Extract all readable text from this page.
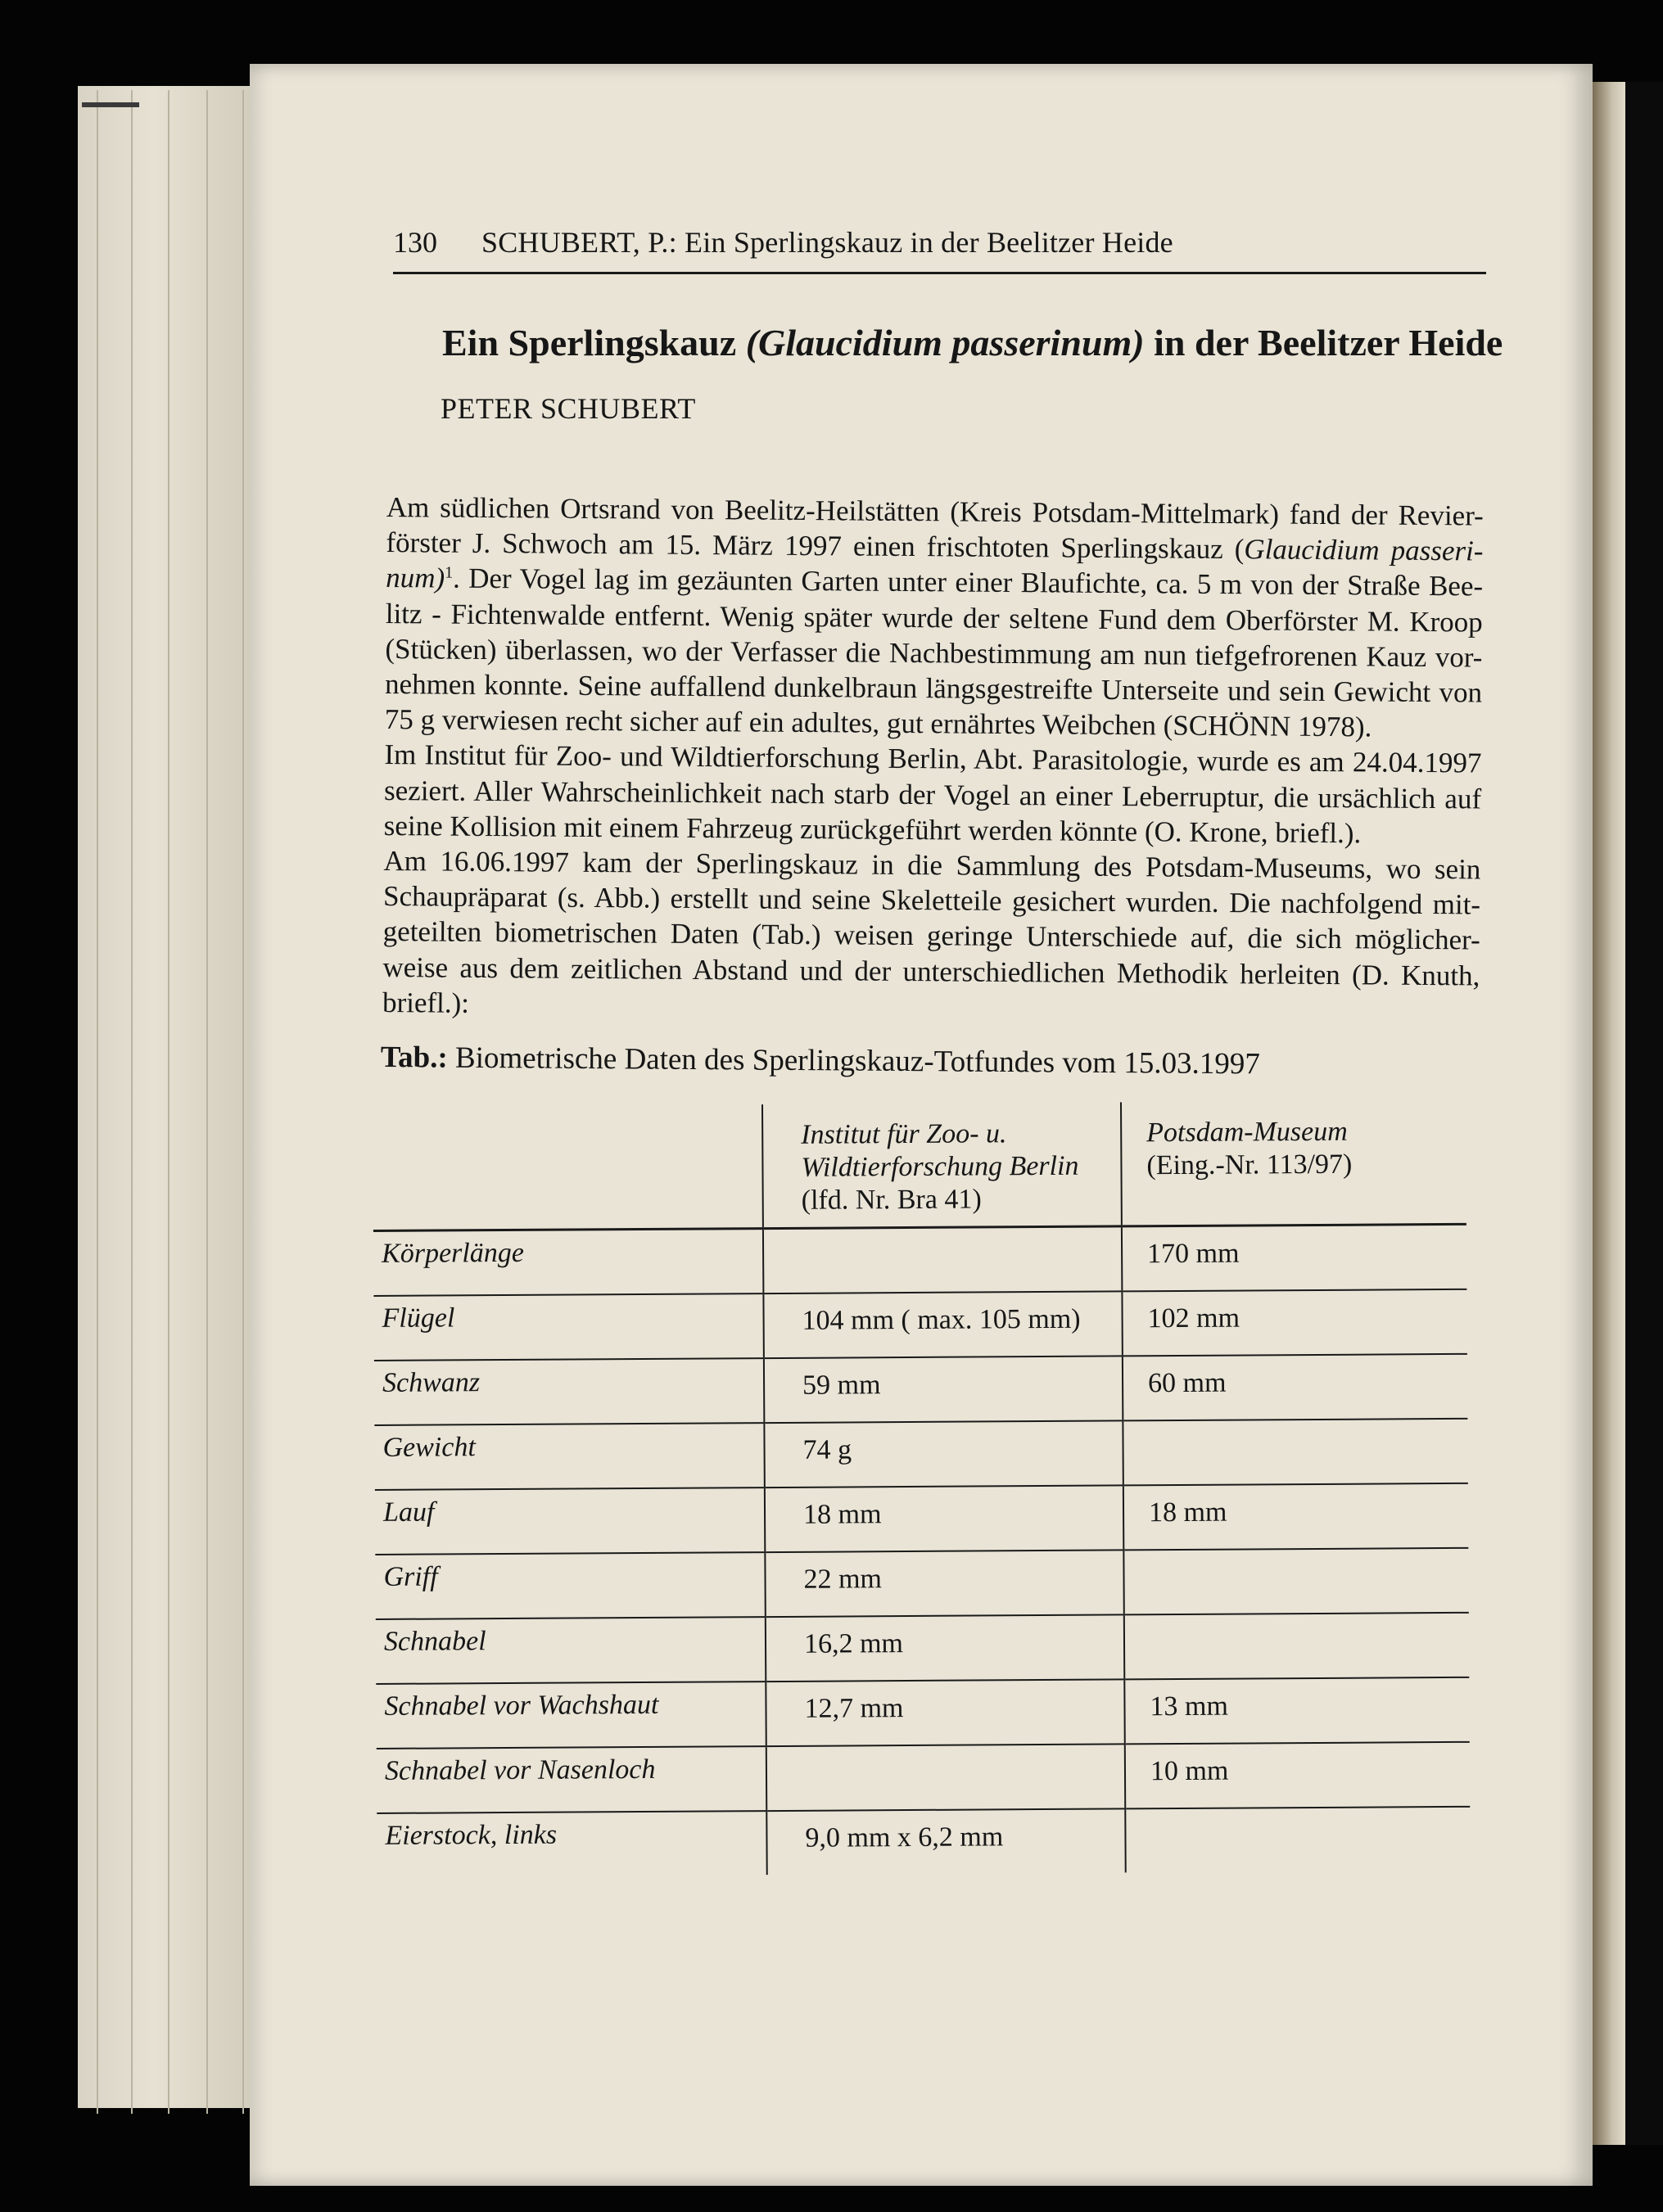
130 SCHUBERT, P.: Ein Sperlingskauz in der Beelitzer Heide
Ein Sperlingskauz (Glaucidium passerinum) in der Beelitzer Heide
PETER SCHUBERT

Am südlichen Ortsrand von Beelitz-Heilstätten (Kreis Potsdam-Mittelmark) fand der Revier-
förster J. Schwoch am 15. März 1997 einen frischtoten Sperlingskauz (Glaucidium passeri-
num)$^1$. Der Vogel lag im gezäunten Garten unter einer Blaufichte, ca. 5 m von der Straße Bee-
litz - Fichtenwalde entfernt. Wenig später wurde der seltene Fund dem Oberförster M. Kroop
(Stücken) überlassen, wo der Verfasser die Nachbestimmung am nun tiefgefrorenen Kauz vor-
nehmen konnte. Seine auffallend dunkelbraun längsgestreifte Unterseite und sein Gewicht von
75 g verwiesen recht sicher auf ein adultes, gut ernährtes Weibchen (SCHÖNN 1978).

Im Institut für Zoo- und Wildtierforschung Berlin, Abt. Parasitologie, wurde es am 24.04.1997
seziert. Aller Wahrscheinlichkeit nach starb der Vogel an einer Leberruptur, die ursächlich auf
seine Kollision mit einem Fahrzeug zurückgeführt werden könnte (O. Krone, briefl.).

Am 16.06.1997 kam der Sperlingskauz in die Sammlung des Potsdam-Museums, wo sein
Schaupräparat (s. Abb.) erstellt und seine Skeletteile gesichert wurden. Die nachfolgend mit-
geteilten biometrischen Daten (Tab.) weisen geringe Unterschiede auf, die sich möglicher-
weise aus dem zeitlichen Abstand und der unterschiedlichen Methodik herleiten (D. Knuth,
briefl.):

Tab.: Biometrische Daten des Sperlingskauz-Totfundes vom 15.03.1997

	Institut für Zoo- u.
Wildtierforschung Berlin
(lfd. Nr. Bra 41)	Potsdam-Museum
(Eing.-Nr. 113/97)

Körperlänge		170 mm
Flügel	104 mm ( max. 105 mm)	102 mm
Schwanz	59 mm	60 mm
Gewicht	74 g	
Lauf	18 mm	18 mm
Griff	22 mm	
Schnabel	16,2 mm	
Schnabel vor Wachshaut	12,7 mm	13 mm
Schnabel vor Nasenloch		10 mm
Eierstock, links	9,0 mm x 6,2 mm	
